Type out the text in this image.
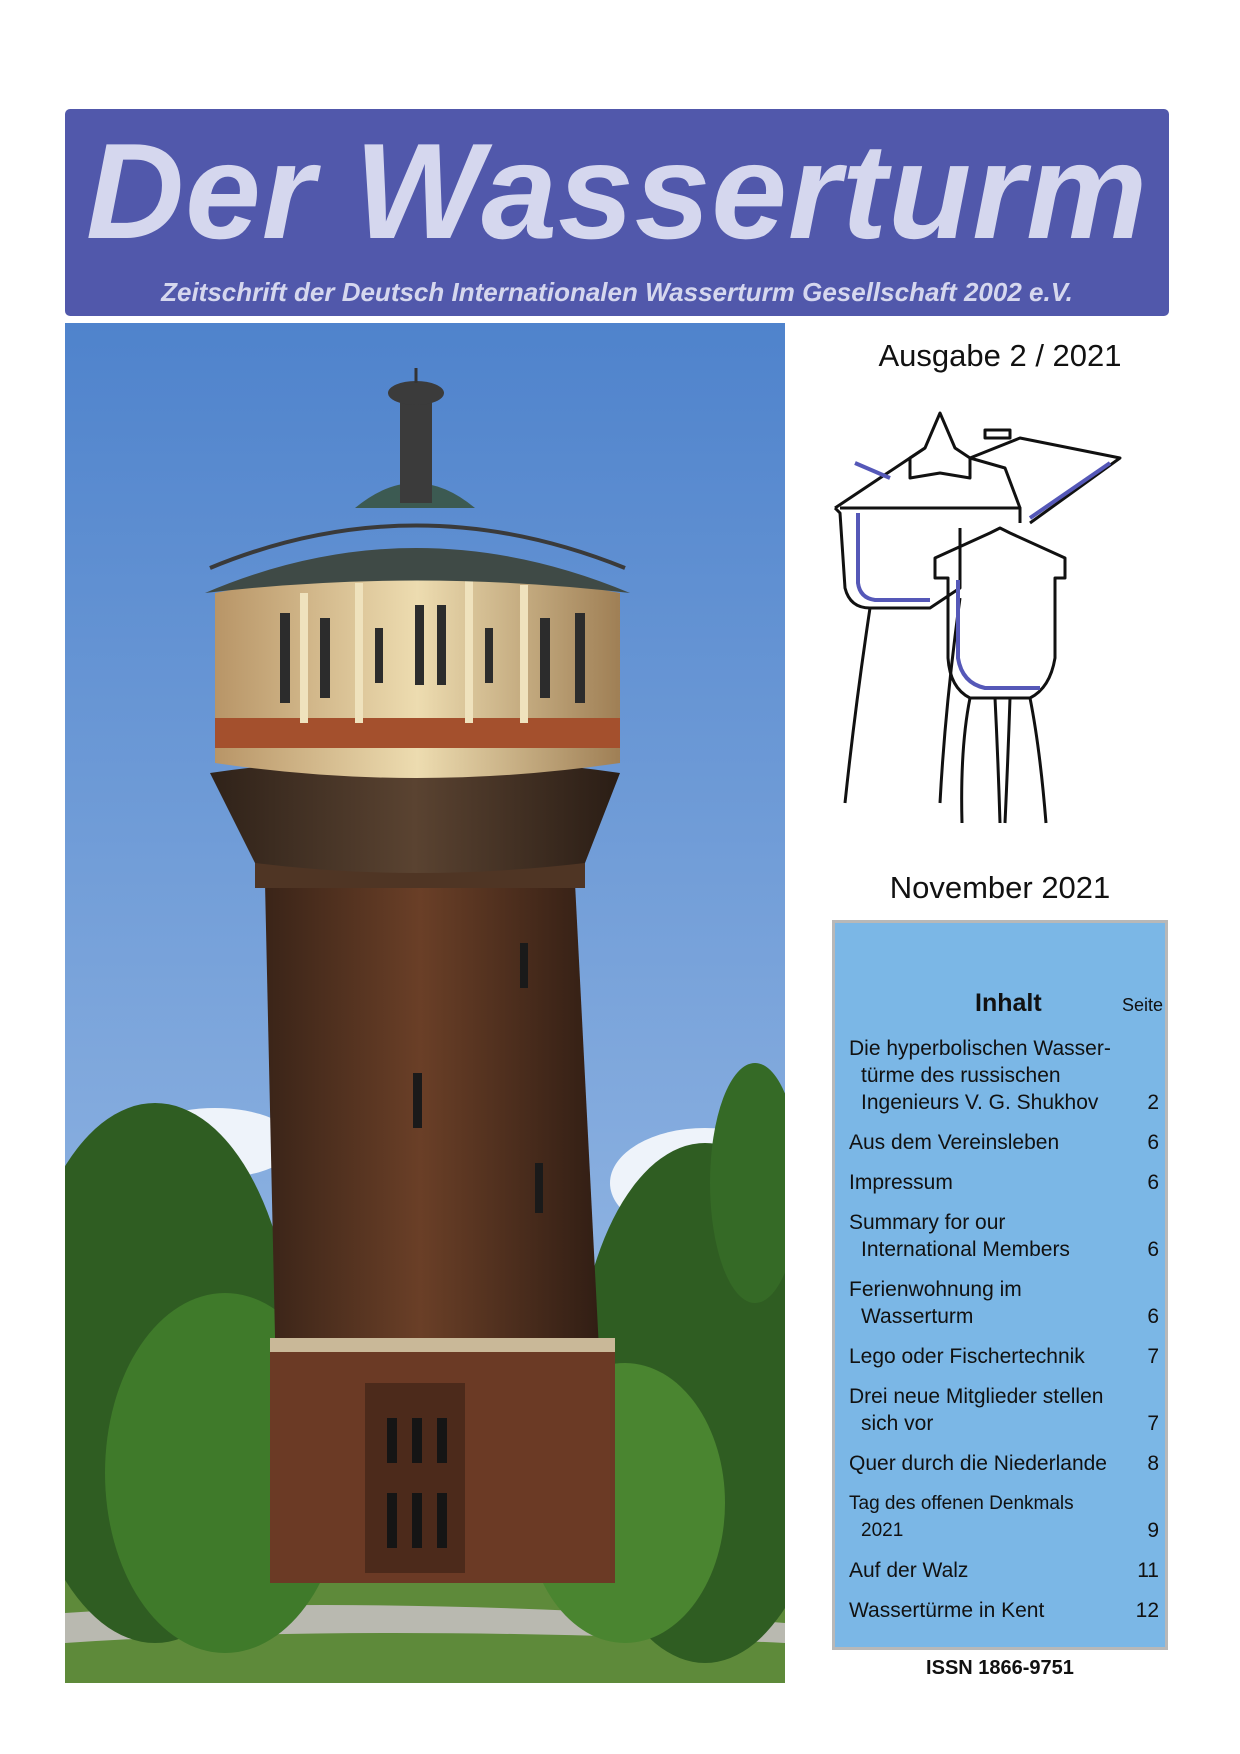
Der Wasserturm
Zeitschrift der Deutsch Internationalen Wasserturm Gesellschaft 2002 e.V.
Ausgabe 2 / 2021
November 2021
Inhalt	Seite
Die hyperbolischen Wasser-
türme des russischen
Ingenieurs V. G. Shukhov	2
Aus dem Vereinsleben	6
Impressum	6
Summary for our
International Members	6
Ferienwohnung im
Wasserturm	6
Lego oder Fischertechnik	7
Drei neue Mitglieder stellen
sich vor	7
Quer durch die Niederlande	8
Tag des offenen Denkmals
2021	9
Auf der Walz	11
Wassertürme in Kent	12
ISSN 1866-9751
